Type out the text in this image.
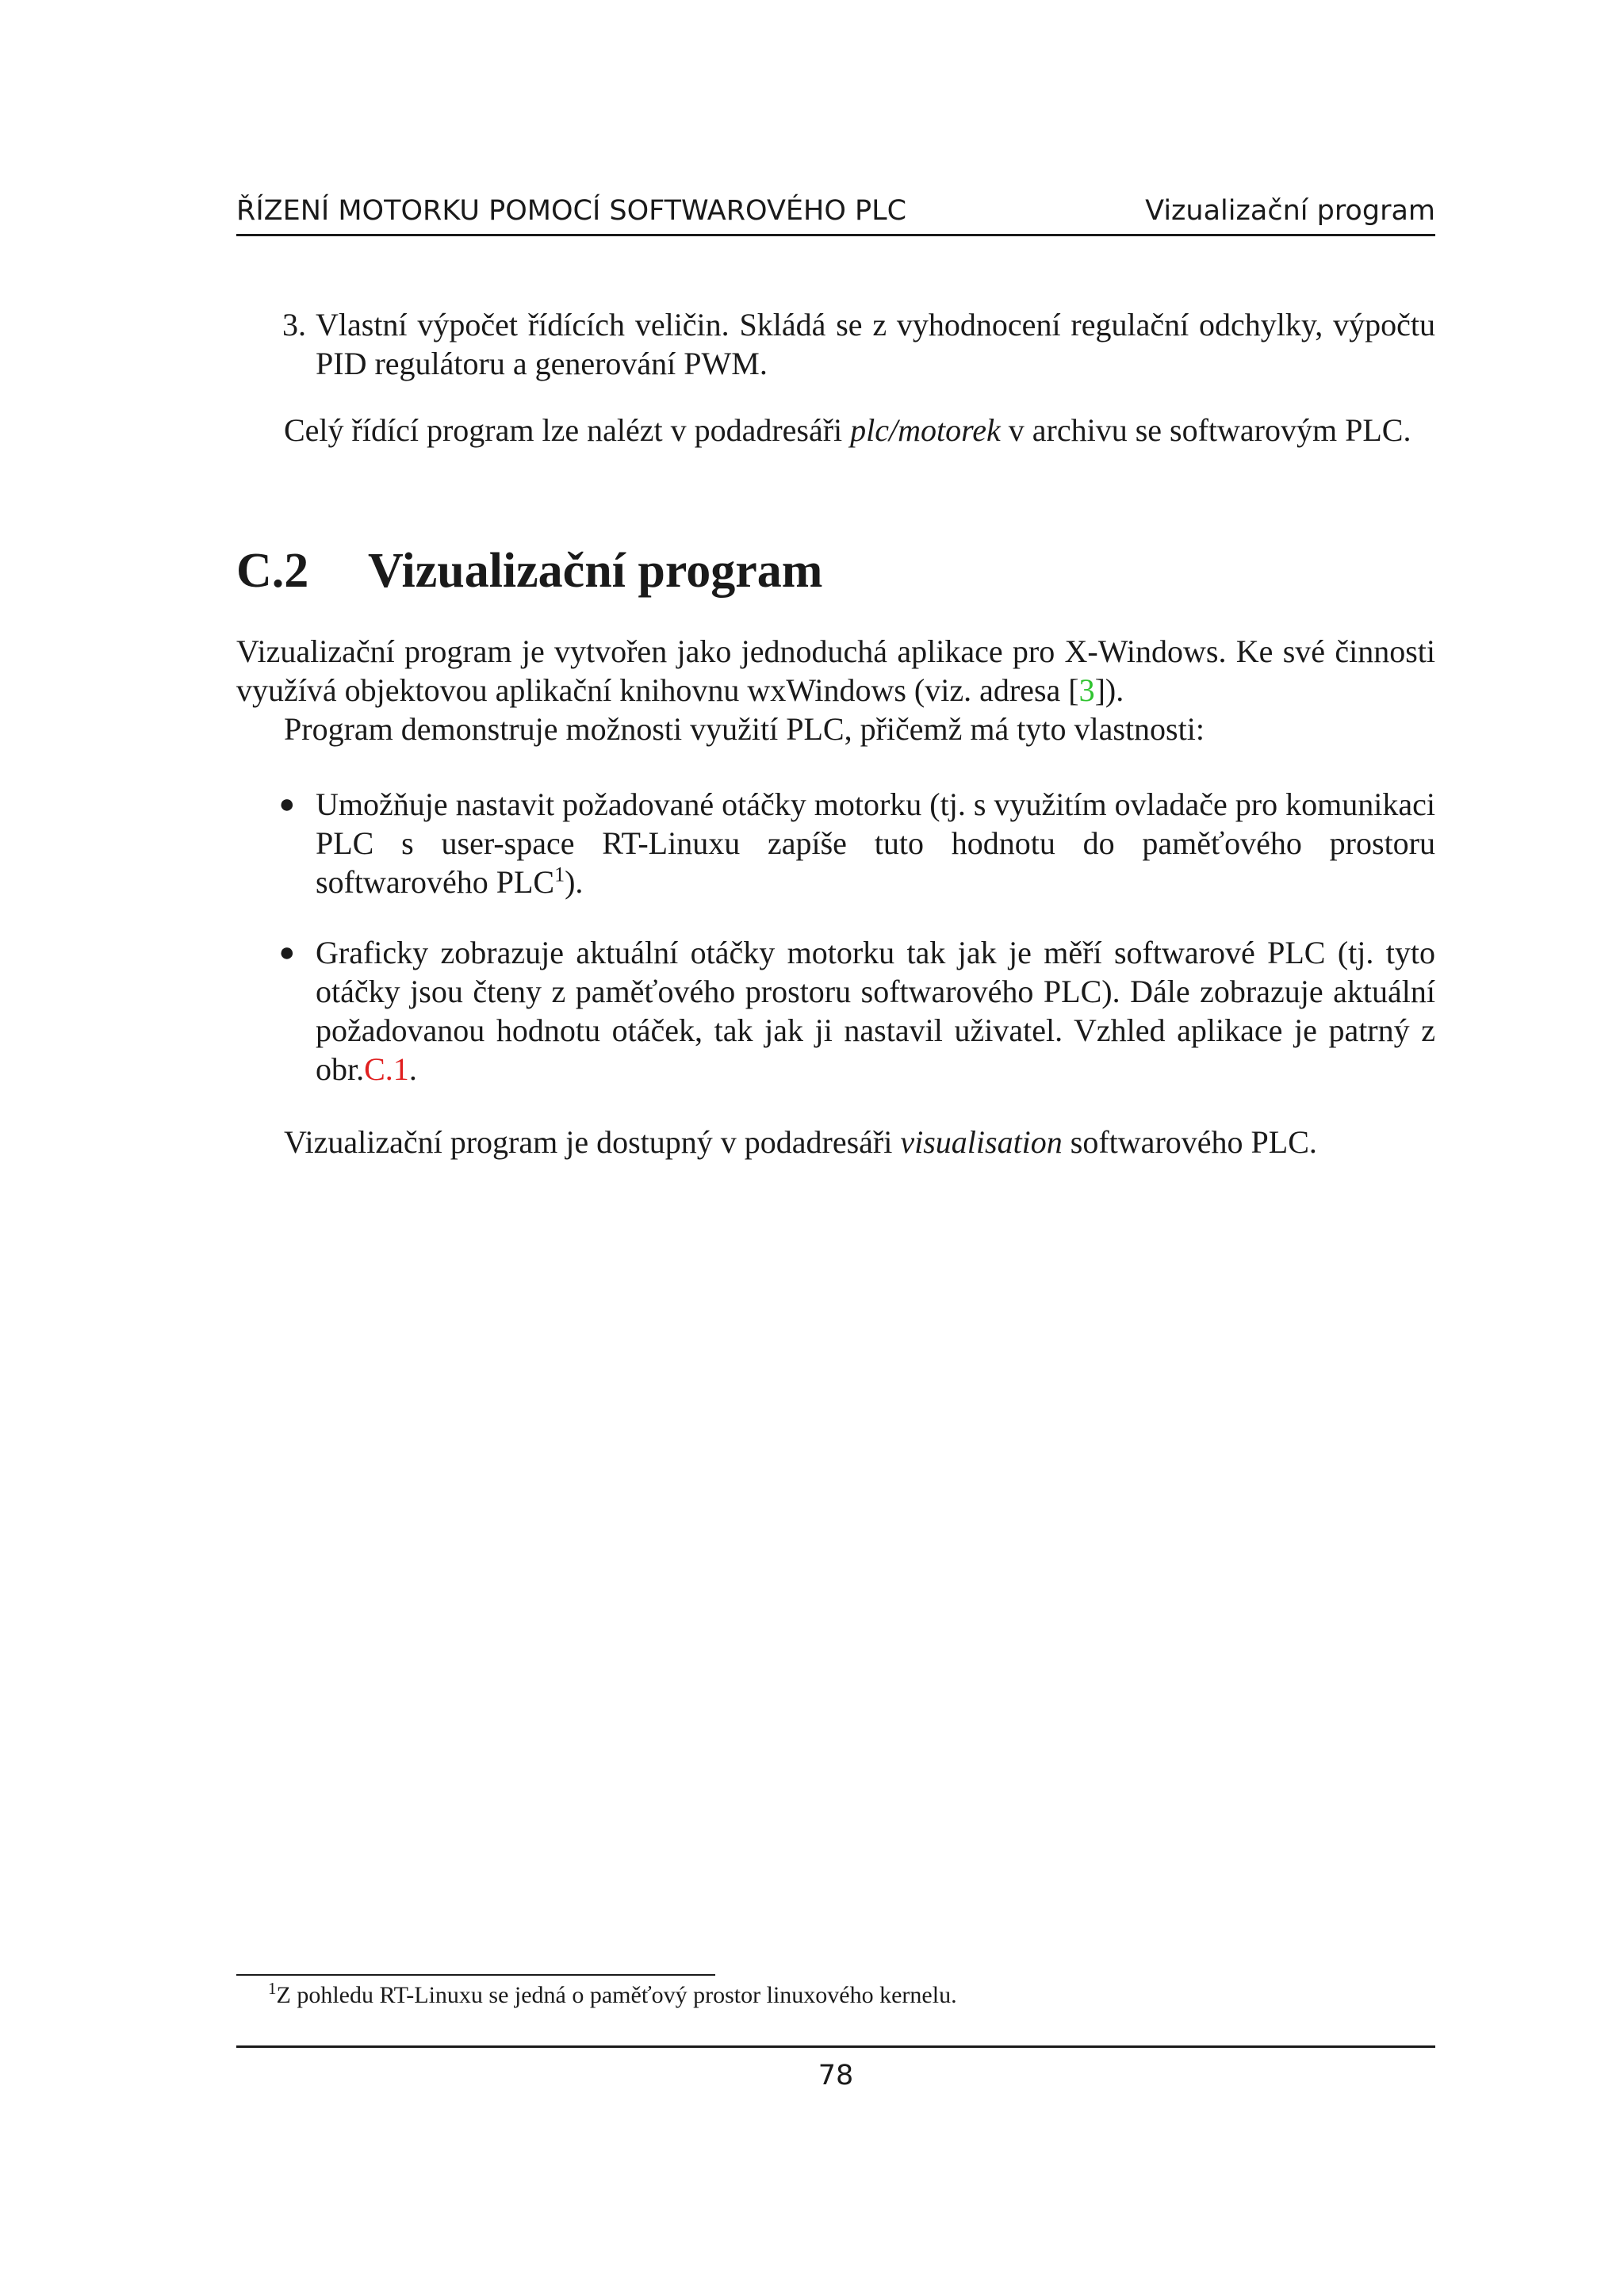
ŘÍZENÍ MOTORKU POMOCÍ SOFTWAROVÉHO PLC	Vizualizační program
3. Vlastní výpočet řídících veličin. Skládá se z vyhodnocení regulační odchylky, výpočtu PID regulátoru a generování PWM.

Celý řídící program lze nalézt v podadresáři plc/motorek v archivu se softwarovým PLC.

C.2	Vizualizační program
Vizualizační program je vytvořen jako jednoduchá aplikace pro X-Windows. Ke své činnosti využívá objektovou aplikační knihovnu wxWindows (viz. adresa [3]).
Program demonstruje možnosti využití PLC, přičemž má tyto vlastnosti:
● Umožňuje nastavit požadované otáčky motorku (tj. s využitím ovladače pro komunikaci PLC s user-space RT-Linuxu zapíše tuto hodnotu do paměťového prostoru softwarového PLC$^1$).
● Graficky zobrazuje aktuální otáčky motorku tak jak je měří softwarové PLC (tj. tyto otáčky jsou čteny z paměťového prostoru softwarového PLC). Dále zobrazuje aktuální požadovanou hodnotu otáček, tak jak ji nastavil uživatel. Vzhled aplikace je patrný z obr.C.1.

Vizualizační program je dostupný v podadresáři visualisation softwarového PLC.

$^1$Z pohledu RT-Linuxu se jedná o paměťový prostor linuxového kernelu.
78
